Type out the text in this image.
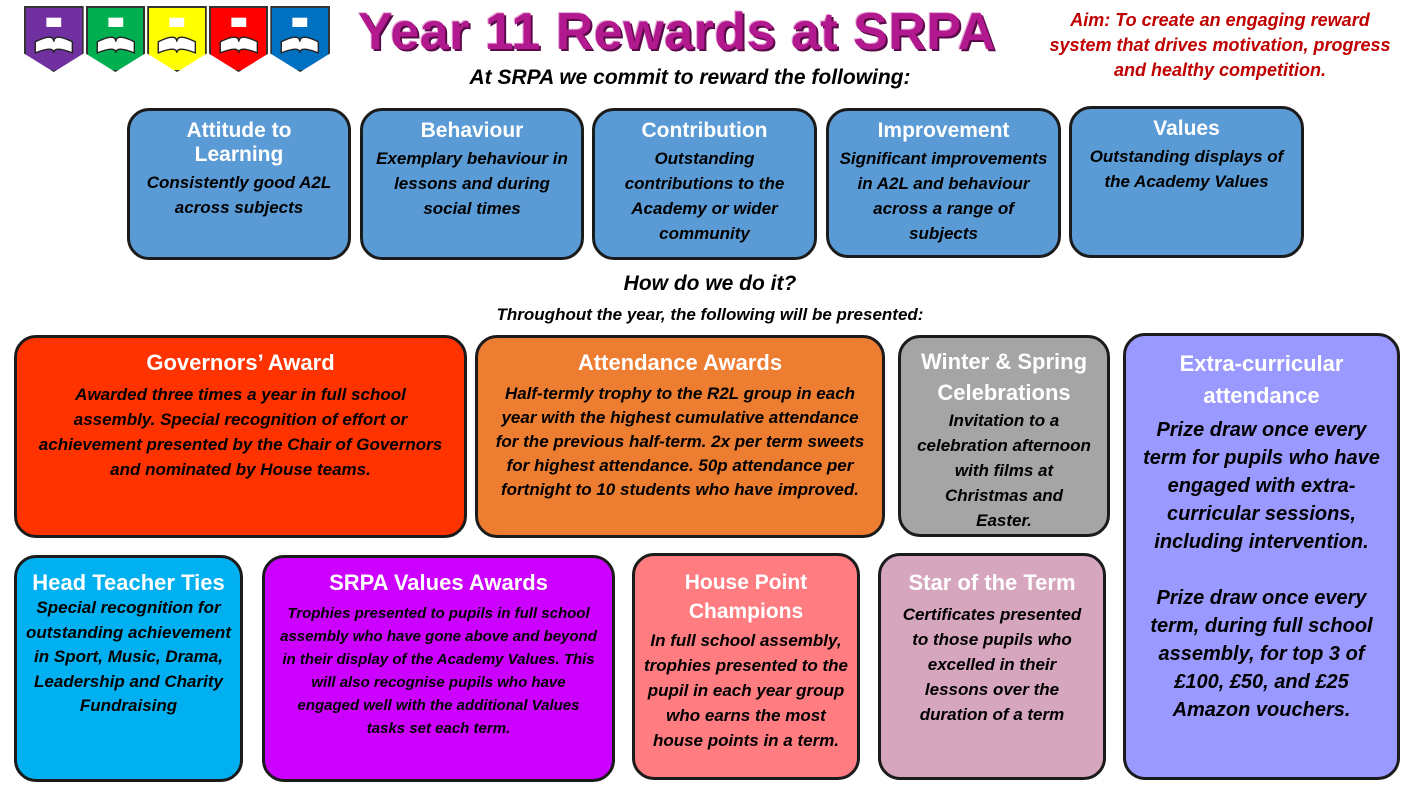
Year 11 Rewards at SRPA	Aim: To create an engaging reward system that drives motivation, progress and healthy competition.
At SRPA we commit to reward the following:
Attitude to Learning
Consistently good A2L across subjects
Behaviour
Exemplary behaviour in lessons and during social times
Contribution
Outstanding contributions to the Academy or wider community
Improvement
Significant improvements in A2L and behaviour across a range of subjects
Values
Outstanding displays of the Academy Values
How do we do it?
Throughout the year, the following will be presented:
Governors’ Award
Awarded three times a year in full school assembly. Special recognition of effort or achievement presented by the Chair of Governors and nominated by House teams.
Attendance Awards
Half-termly trophy to the R2L group in each year with the highest cumulative attendance for the previous half-term. 2x per term sweets for highest attendance. 50p attendance per fortnight to 10 students who have improved.
Winter & Spring Celebrations
Invitation to a celebration afternoon with films at Christmas and Easter.
Extra-curricular attendance
Prize draw once every term for pupils who have engaged with extra-curricular sessions, including intervention.
Prize draw once every term, during full school assembly, for top 3 of £100, £50, and £25 Amazon vouchers.
Head Teacher Ties
Special recognition for outstanding achievement in Sport, Music, Drama, Leadership and Charity Fundraising
SRPA Values Awards
Trophies presented to pupils in full school assembly who have gone above and beyond in their display of the Academy Values. This will also recognise pupils who have engaged well with the additional Values tasks set each term.
House Point Champions
In full school assembly, trophies presented to the pupil in each year group who earns the most house points in a term.
Star of the Term
Certificates presented to those pupils who excelled in their lessons over the duration of a term
